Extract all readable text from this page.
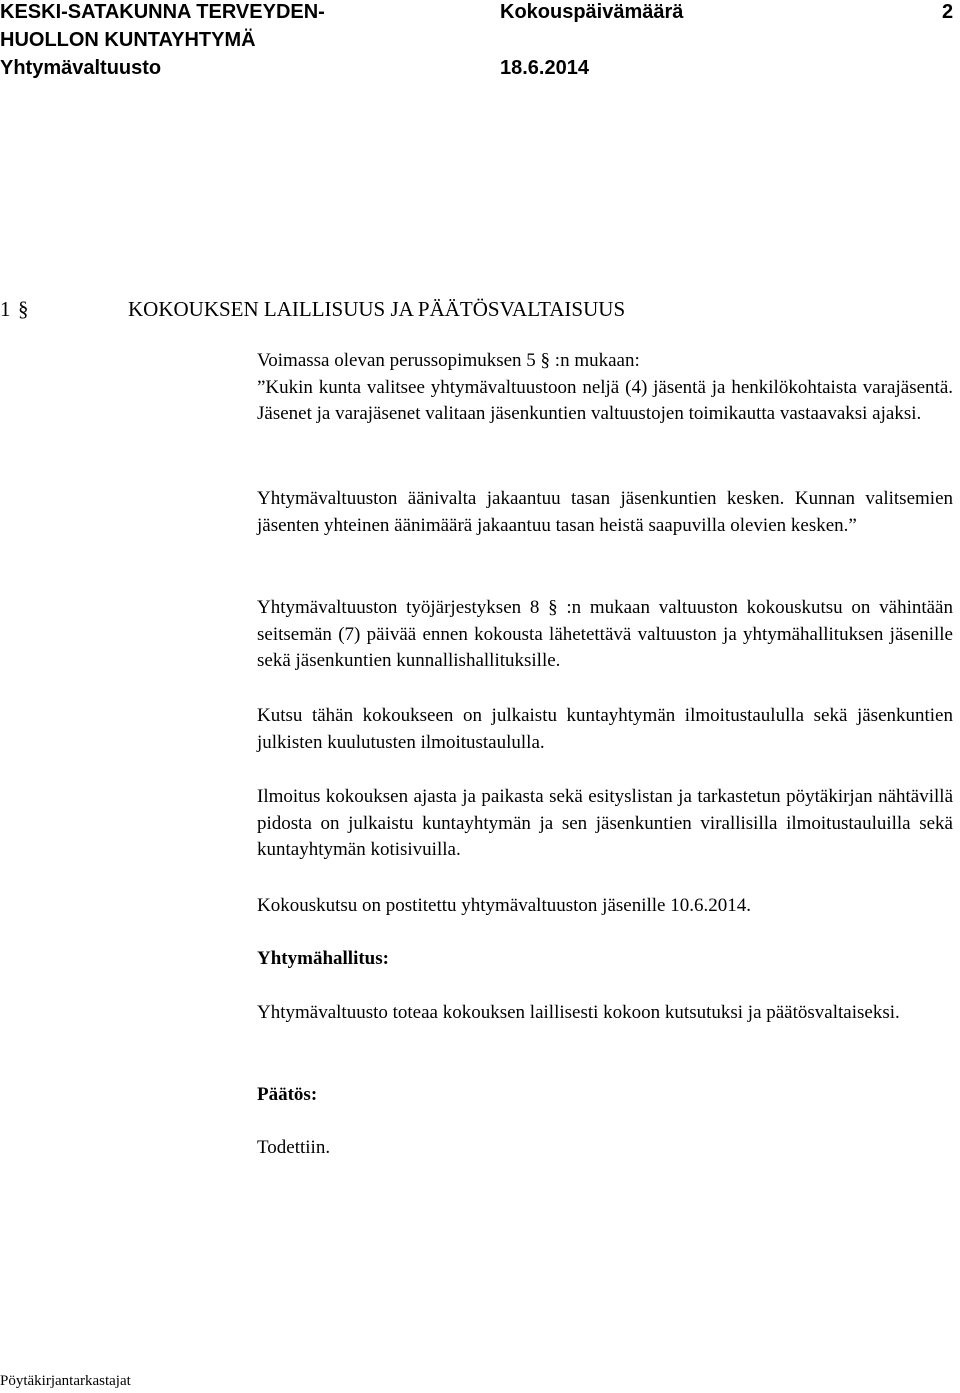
KESKI-SATAKUNNA TERVEYDEN-
HUOLLON KUNTAYHTYMÄ
Yhtymävaltuusto
Kokouspäivämäärä
18.6.2014
2
1 §	KOKOUKSEN LAILLISUUS JA PÄÄTÖSVALTAISUUS
Voimassa olevan perussopimuksen 5 § :n mukaan:
”Kukin kunta valitsee yhtymävaltuustoon neljä (4) jäsentä ja henkilökohtaista varajäsentä. Jäsenet ja varajäsenet valitaan jäsenkuntien valtuustojen toimikautta vastaavaksi ajaksi.

Yhtymävaltuuston äänivalta jakaantuu tasan jäsenkuntien kesken. Kunnan valitsemien jäsenten yhteinen äänimäärä jakaantuu tasan heistä saapuvilla olevien kesken.”

Yhtymävaltuuston työjärjestyksen 8 § :n mukaan valtuuston kokouskutsu on vähintään seitsemän (7) päivää ennen kokousta lähetettävä valtuuston ja yhtymähallituksen jäsenille sekä jäsenkuntien kunnallishallituksille.

Kutsu tähän kokoukseen on julkaistu kuntayhtymän ilmoitustaululla sekä jäsenkuntien julkisten kuulutusten ilmoitustaululla.

Ilmoitus kokouksen ajasta ja paikasta sekä esityslistan ja tarkastetun pöytäkirjan nähtävillä pidosta on julkaistu kuntayhtymän ja sen jäsenkuntien virallisilla ilmoitustauluilla sekä kuntayhtymän kotisivuilla.

Kokouskutsu on postitettu yhtymävaltuuston jäsenille 10.6.2014.

Yhtymähallitus:

Yhtymävaltuusto toteaa kokouksen laillisesti kokoon kutsutuksi ja päätösvaltaiseksi.

Päätös:

Todettiin.

Pöytäkirjantarkastajat
